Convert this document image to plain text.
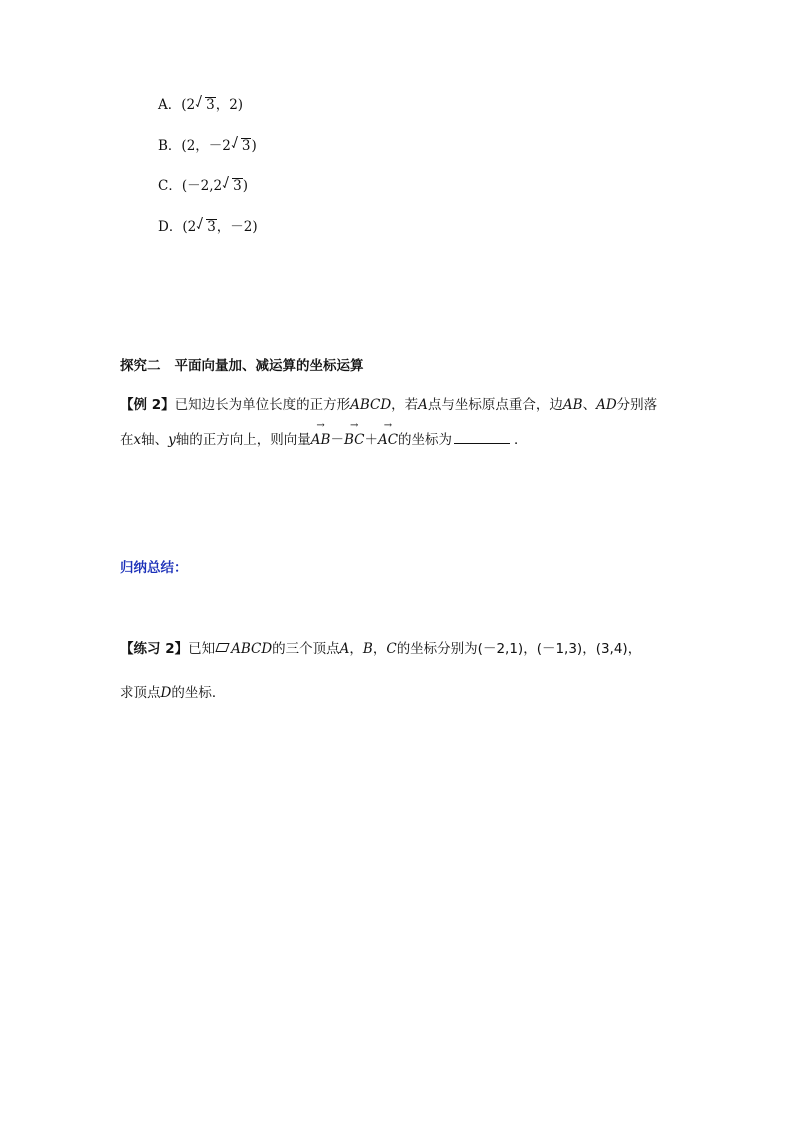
A．(2 3，2)
B．(2，－2 3)
C．(－2,2 3)
D．(2 3，－2)
探究二 平面向量加、减运算的坐标运算
【例 2】已知边长为单位长度的正方形ABCD，若A点与坐标原点重合，边AB、AD分别落
在x轴、y轴的正方向上，则向量→ AB－→ BC＋→ AC的坐标为	．
归纳总结：
【练习 2】已知 ABCD的三个顶点A，B，C的坐标分别为(－2,1)，(－1,3)，(3,4)，
求顶点D的坐标．
